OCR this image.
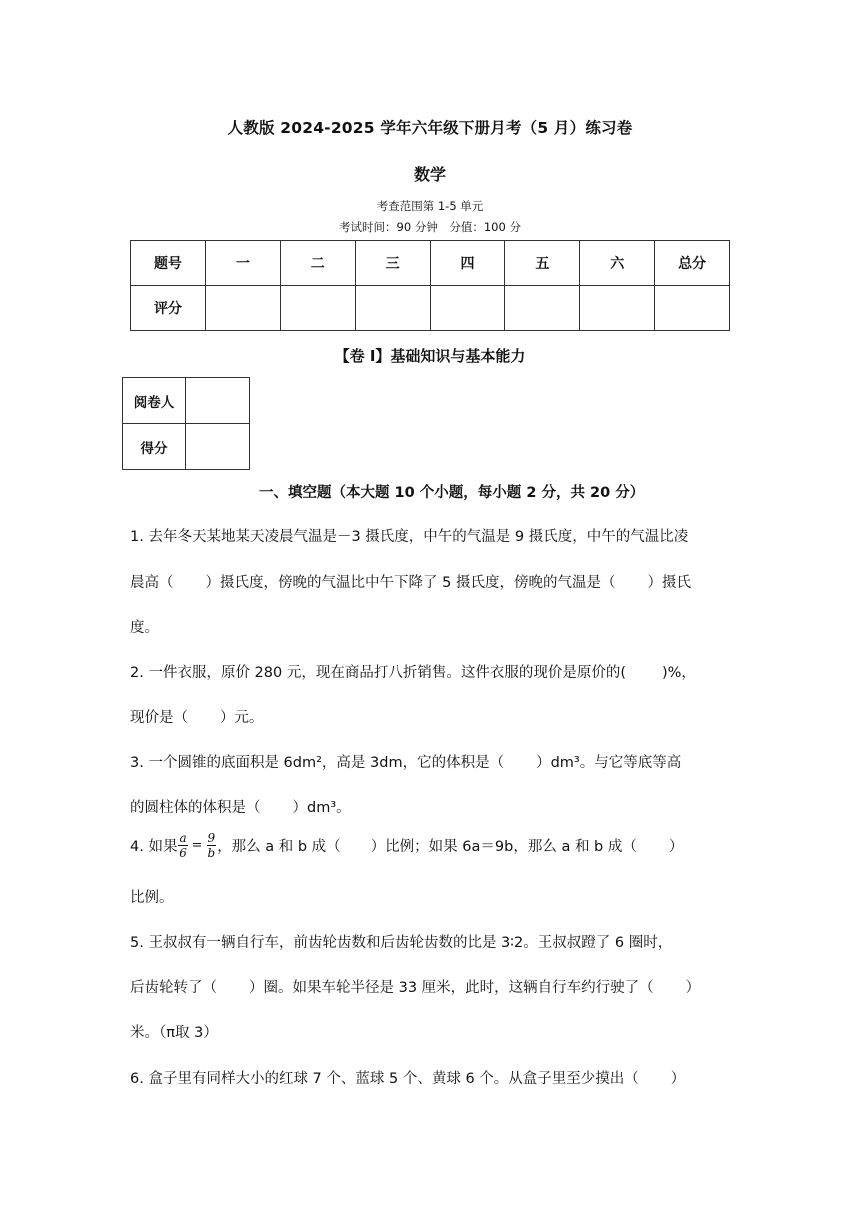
人教版 2024-2025 学年六年级下册月考（5 月）练习卷
数学
考查范围第 1-5 单元
考试时间：90 分钟　分值：100 分
题号	一	二	三	四	五	六	总分
评分							
【卷 I】基础知识与基本能力
阅卷人	
得分	
一、填空题（本大题 10 个小题，每小题 2 分，共 20 分）
1. 去年冬天某地某天凌晨气温是－3 摄氏度，中午的气温是 9 摄氏度，中午的气温比凌
晨高（ ）摄氏度，傍晚的气温比中午下降了 5 摄氏度，傍晚的气温是（ ）摄氏
度。
2. 一件衣服，原价 280 元，现在商品打八折销售。这件衣服的现价是原价的( )%，
现价是（ ）元。
3. 一个圆锥的底面积是 6dm²，高是 3dm，它的体积是（ ）dm³。与它等底等高
的圆柱体的体积是（ ）dm³。
4. 如果 $\frac{a}{6} = \frac{9}{b}$ ，那么 a 和 b 成（ ）比例；如果 6a＝9b，那么 a 和 b 成（ ）
比例。
5. 王叔叔有一辆自行车，前齿轮齿数和后齿轮齿数的比是 3∶2。王叔叔蹬了 6 圈时，
后齿轮转了（ ）圈。如果车轮半径是 33 厘米，此时，这辆自行车约行驶了（ ）
米。（π取 3）
6. 盒子里有同样大小的红球 7 个、蓝球 5 个、黄球 6 个。从盒子里至少摸出（ ）
